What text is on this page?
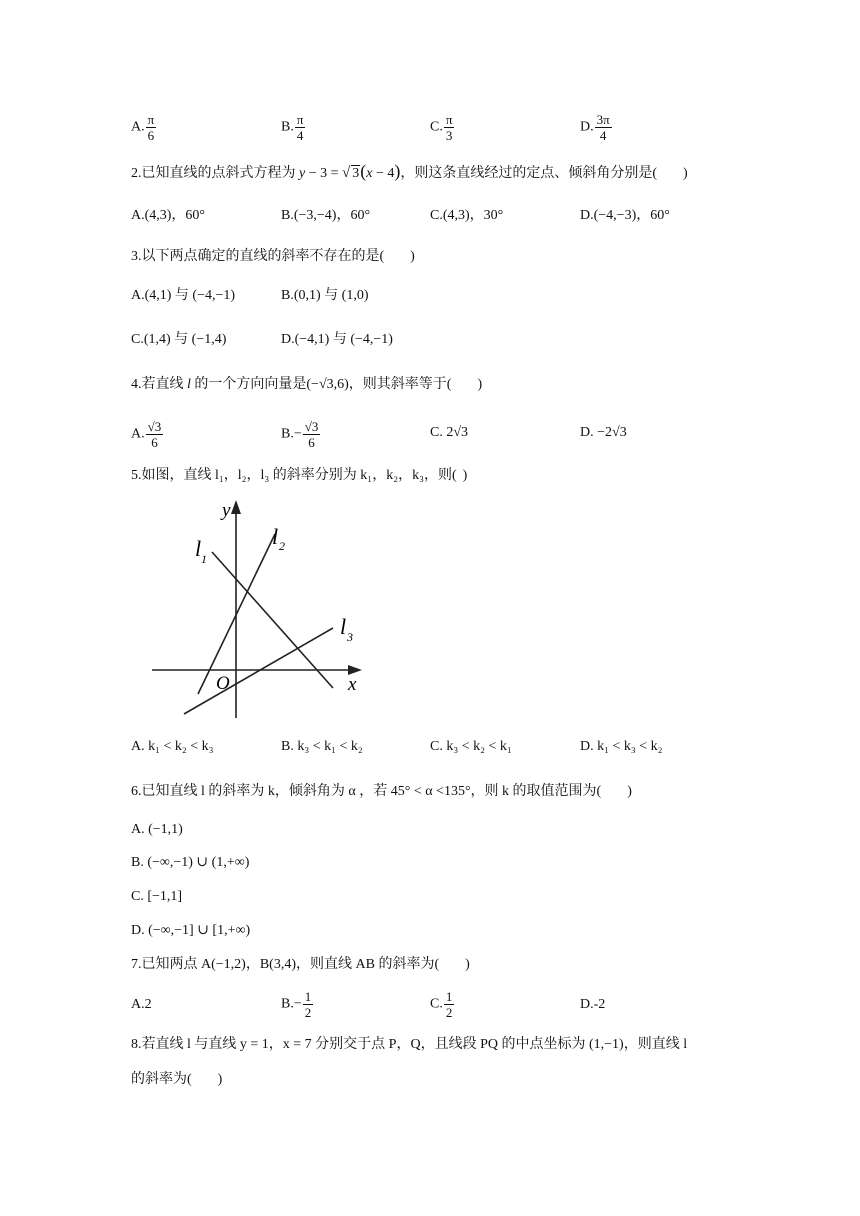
A. $\frac{\pi}{6}$	B. $\frac{\pi}{4}$	C. $\frac{\pi}{3}$	D. $\frac{3\pi}{4}$
2.已知直线的点斜式方程为 y − 3 = √ 3(x − 4)，则这条直线经过的定点、倾斜角分别是( )
A.(4,3)，60°	B.(−3,−4)，60°	C.(4,3)，30°	D.(−4,−3)，60°
3.以下两点确定的直线的斜率不存在的是( )
A.(4,1) 与 (−4,−1)	B.(0,1) 与 (1,0)
C.(1,4) 与 (−1,4)	D.(−4,1) 与 (−4,−1)
4.若直线 l 的一个方向向量是(−√3,6)，则其斜率等于( )
A. $\frac{√3}{6}$	$B.- \frac{√3}{6}$	C. 2√3	D. −2√3
5.如图，直线 l₁，l₂，l₃ 的斜率分别为 k₁，k₂，k₃，则( )
y
x
O
l 1
l 2
l 3
A. k₁ < k₂ < k₃	B. k₃ < k₁ < k₂	C. k₃ < k₂ < k₁	D. k₁ < k₃ < k₂
6.已知直线 l 的斜率为 k，倾斜角为 α ，若 45° < α <135°，则 k 的取值范围为( )
A. (−1,1)
B. (−∞,−1) ∪ (1,+∞)
C. [−1,1]
D. (−∞,−1] ∪ [1,+∞)
7.已知两点 A(−1,2)，B(3,4)，则直线 AB 的斜率为( )
A.2	$B.- \frac{1}{2}$	C. $\frac{1}{2}$	D.-2
8.若直线 l 与直线 y = 1，x = 7 分别交于点 P，Q，且线段 PQ 的中点坐标为 (1,−1)，则直线 l
的斜率为( )
